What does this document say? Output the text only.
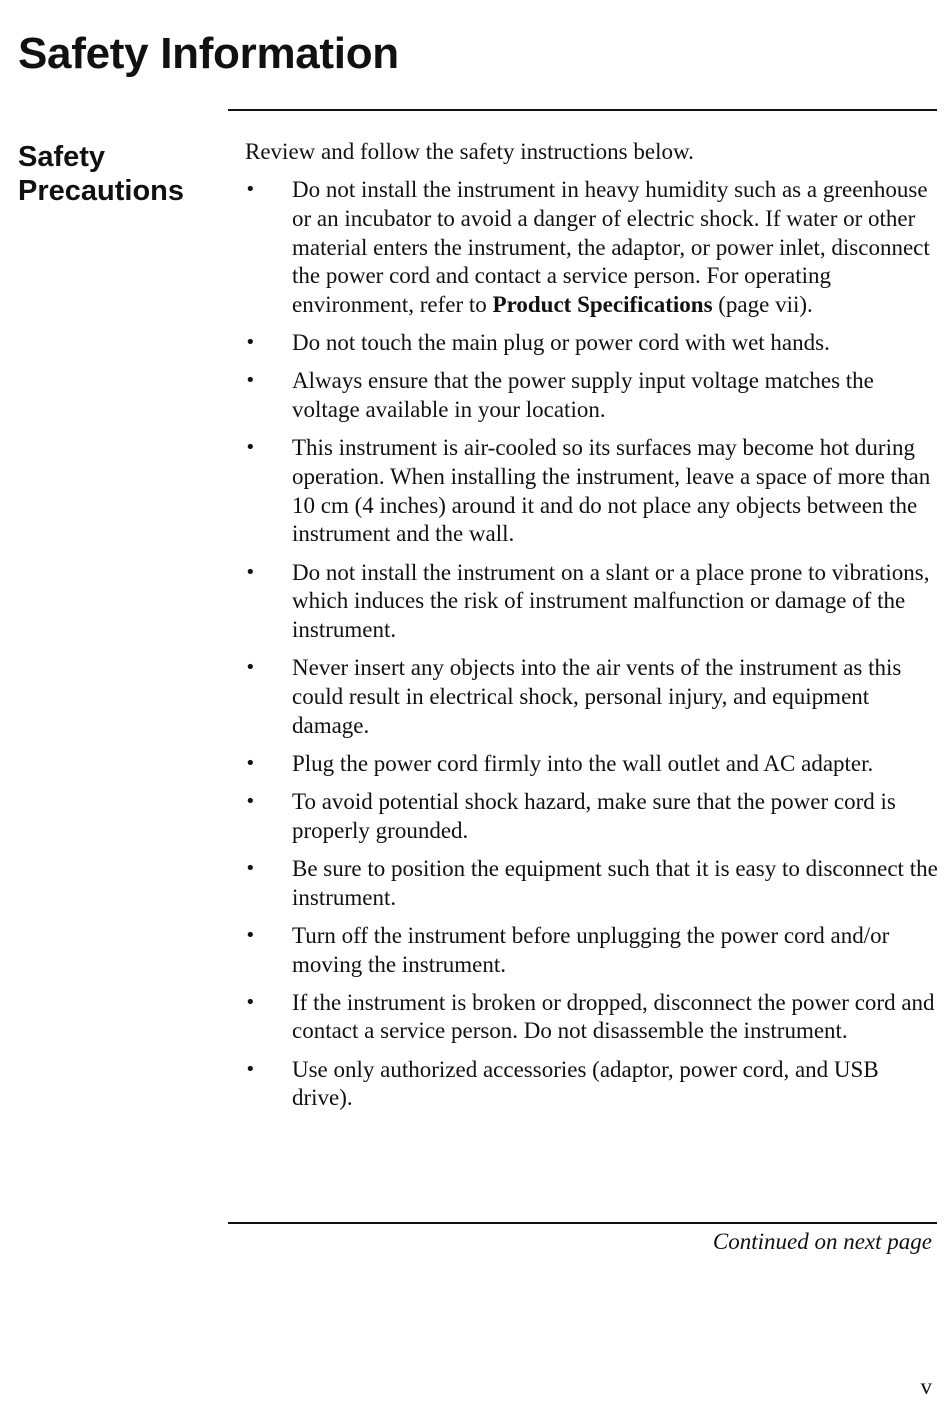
Safety Information
Safety
Precautions

Review and follow the safety instructions below.

•	Do not install the instrument in heavy humidity such as a greenhouse or an incubator to avoid a danger of electric shock. If water or other material enters the instrument, the adaptor, or power inlet, disconnect the power cord and contact a service person. For operating environment, refer to Product Specifications (page vii).
•	Do not touch the main plug or power cord with wet hands.
•	Always ensure that the power supply input voltage matches the voltage available in your location.
•	This instrument is air-cooled so its surfaces may become hot during operation. When installing the instrument, leave a space of more than 10 cm (4 inches) around it and do not place any objects between the instrument and the wall.
•	Do not install the instrument on a slant or a place prone to vibrations, which induces the risk of instrument malfunction or damage of the instrument.
•	Never insert any objects into the air vents of the instrument as this could result in electrical shock, personal injury, and equipment damage.
•	Plug the power cord firmly into the wall outlet and AC adapter.
•	To avoid potential shock hazard, make sure that the power cord is properly grounded.
•	Be sure to position the equipment such that it is easy to disconnect the instrument.
•	Turn off the instrument before unplugging the power cord and/or moving the instrument.
•	If the instrument is broken or dropped, disconnect the power cord and contact a service person. Do not disassemble the instrument.
•	Use only authorized accessories (adaptor, power cord, and USB drive).
Continued on next page
v
